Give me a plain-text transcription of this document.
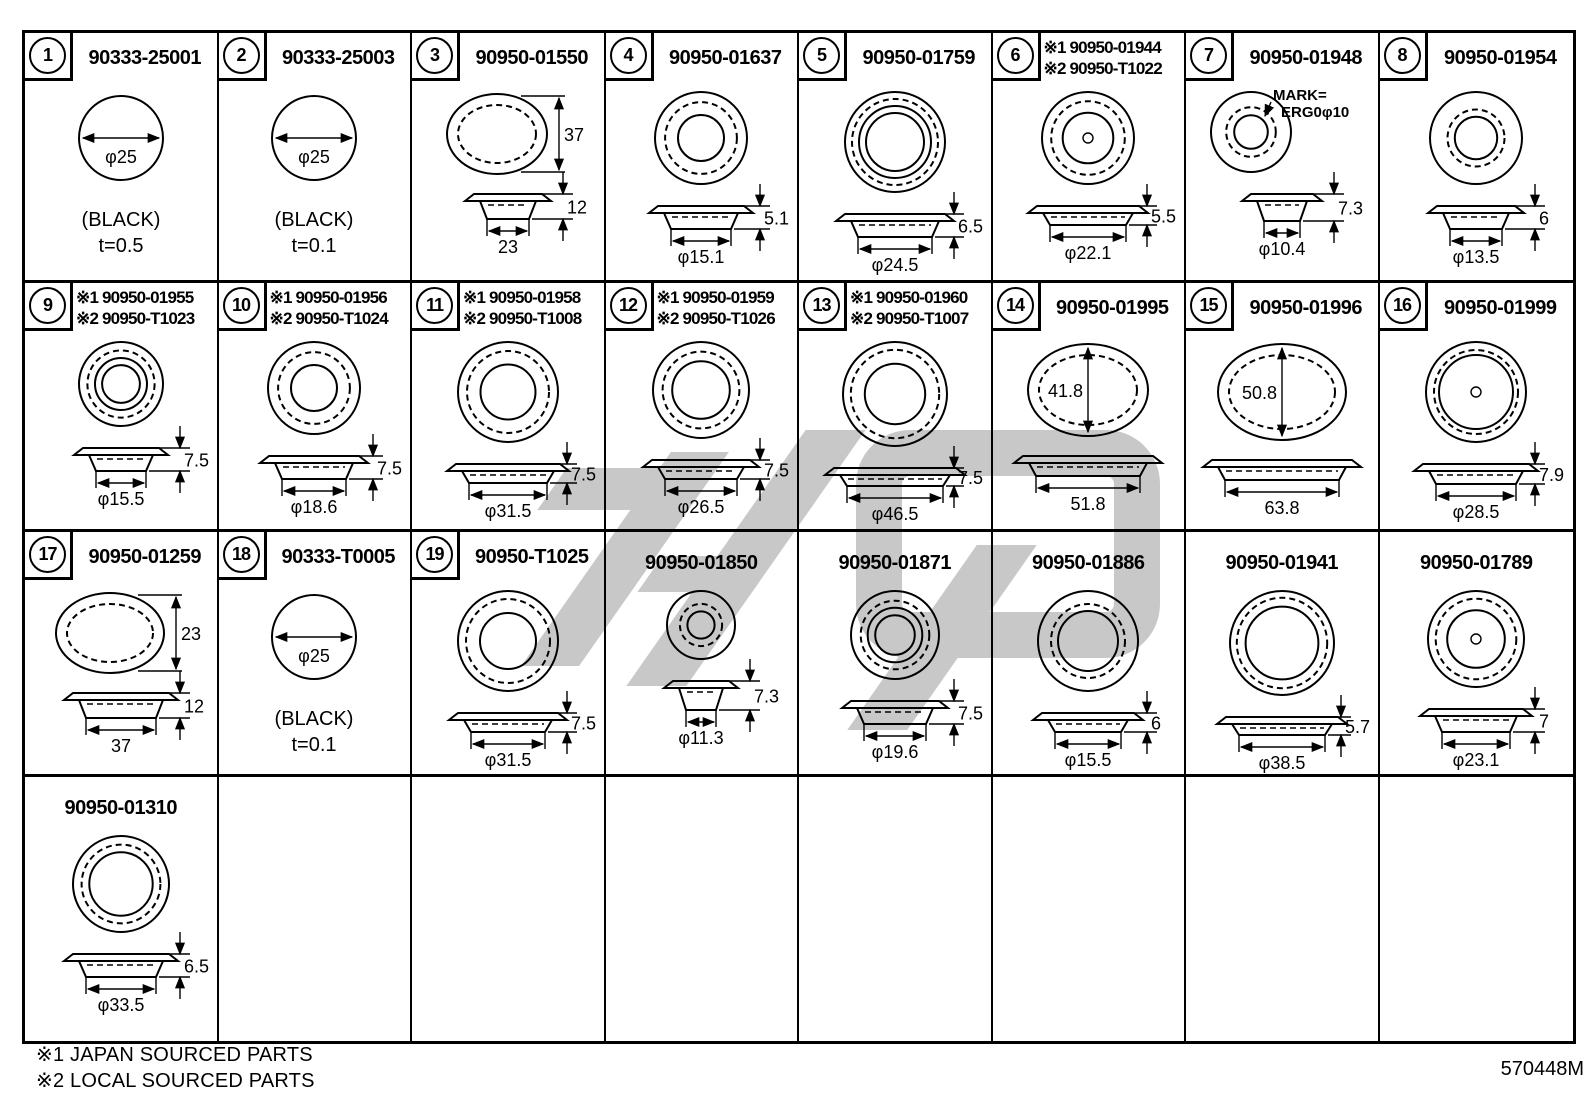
1	90333-25001
φ25
(BLACK)
t=0.5
2	90333-25003
φ25
(BLACK)
t=0.1
3	90950-01550
37
12
23
4	90950-01637
5.1
φ15.1
5	90950-01759
6.5
φ24.5
6	※1 90950-01944
※2 90950-T1022
5.5
φ22.1
7	90950-01948
MARK=
ERG0φ10
7.3
φ10.4
8	90950-01954
6
φ13.5
9	※1 90950-01955
※2 90950-T1023
7.5
φ15.5
10	※1 90950-01956
※2 90950-T1024
7.5
φ18.6
11	※1 90950-01958
※2 90950-T1008
7.5
φ31.5
12	※1 90950-01959
※2 90950-T1026
7.5
φ26.5
13	※1 90950-01960
※2 90950-T1007
7.5
φ46.5
14	90950-01995
41.8
51.8
15	90950-01996
50.8
63.8
16	90950-01999
7.9
φ28.5
17	90950-01259
23
12
37
18	90333-T0005
φ25
(BLACK)
t=0.1
19	90950-T1025
7.5
φ31.5
90950-01850
7.3
φ11.3
90950-01871
7.5
φ19.6
90950-01886
6
φ15.5
90950-01941
5.7
φ38.5
90950-01789
7
φ23.1
90950-01310
6.5
φ33.5
※1 JAPAN SOURCED PARTS
※2 LOCAL SOURCED PARTS
570448M
